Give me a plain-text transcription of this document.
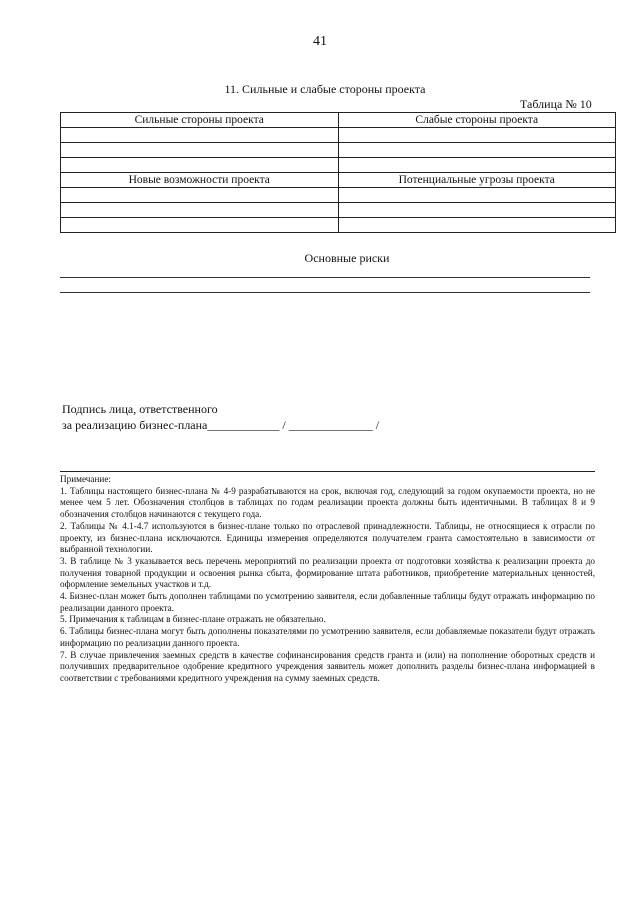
41
11. Сильные и слабые стороны проекта
Таблица № 10
Сильные стороны проекта	Слабые стороны проекта

Новые возможности проекта	Потенциальные угрозы проекта

Основные риски
Подпись лица, ответственного
за реализацию бизнес-плана____________ / ______________ /

Примечание:

1. Таблицы настоящего бизнес-плана № 4-9 разрабатываются на срок, включая год, следующий за годом окупаемости проекта, но не менее чем 5 лет. Обозначения столбцов в таблицах по годам реализации проекта должны быть идентичными. В таблицах 8 и 9 обозначения столбцов начинаются с текущего года.

2. Таблицы № 4.1-4.7 используются в бизнес-плане только по отраслевой принадлежности. Таблицы, не относящиеся к отрасли по проекту, из бизнес-плана исключаются. Единицы измерения определяются получателем гранта самостоятельно в зависимости от выбранной технологии.

3. В таблице № 3 указывается весь перечень мероприятий по реализации проекта от подготовки хозяйства к реализации проекта до получения товарной продукции и освоения рынка сбыта, формирование штата работников, приобретение материальных ценностей, оформление земельных участков и т.д.

4. Бизнес-план может быть дополнен таблицами по усмотрению заявителя, если добавленные таблицы будут отражать информацию по реализации данного проекта.

5. Примечания к таблицам в бизнес-плане отражать не обязательно.

6. Таблицы бизнес-плана могут быть дополнены показателями по усмотрению заявителя, если добавляемые показатели будут отражать информацию по реализации данного проекта.

7. В случае привлечения заемных средств в качестве софинансирования средств гранта и (или) на пополнение оборотных средств и получивших предварительное одобрение кредитного учреждения заявитель может дополнить разделы бизнес-плана информацией в соответствии с требованиями кредитного учреждения на сумму заемных средств.
